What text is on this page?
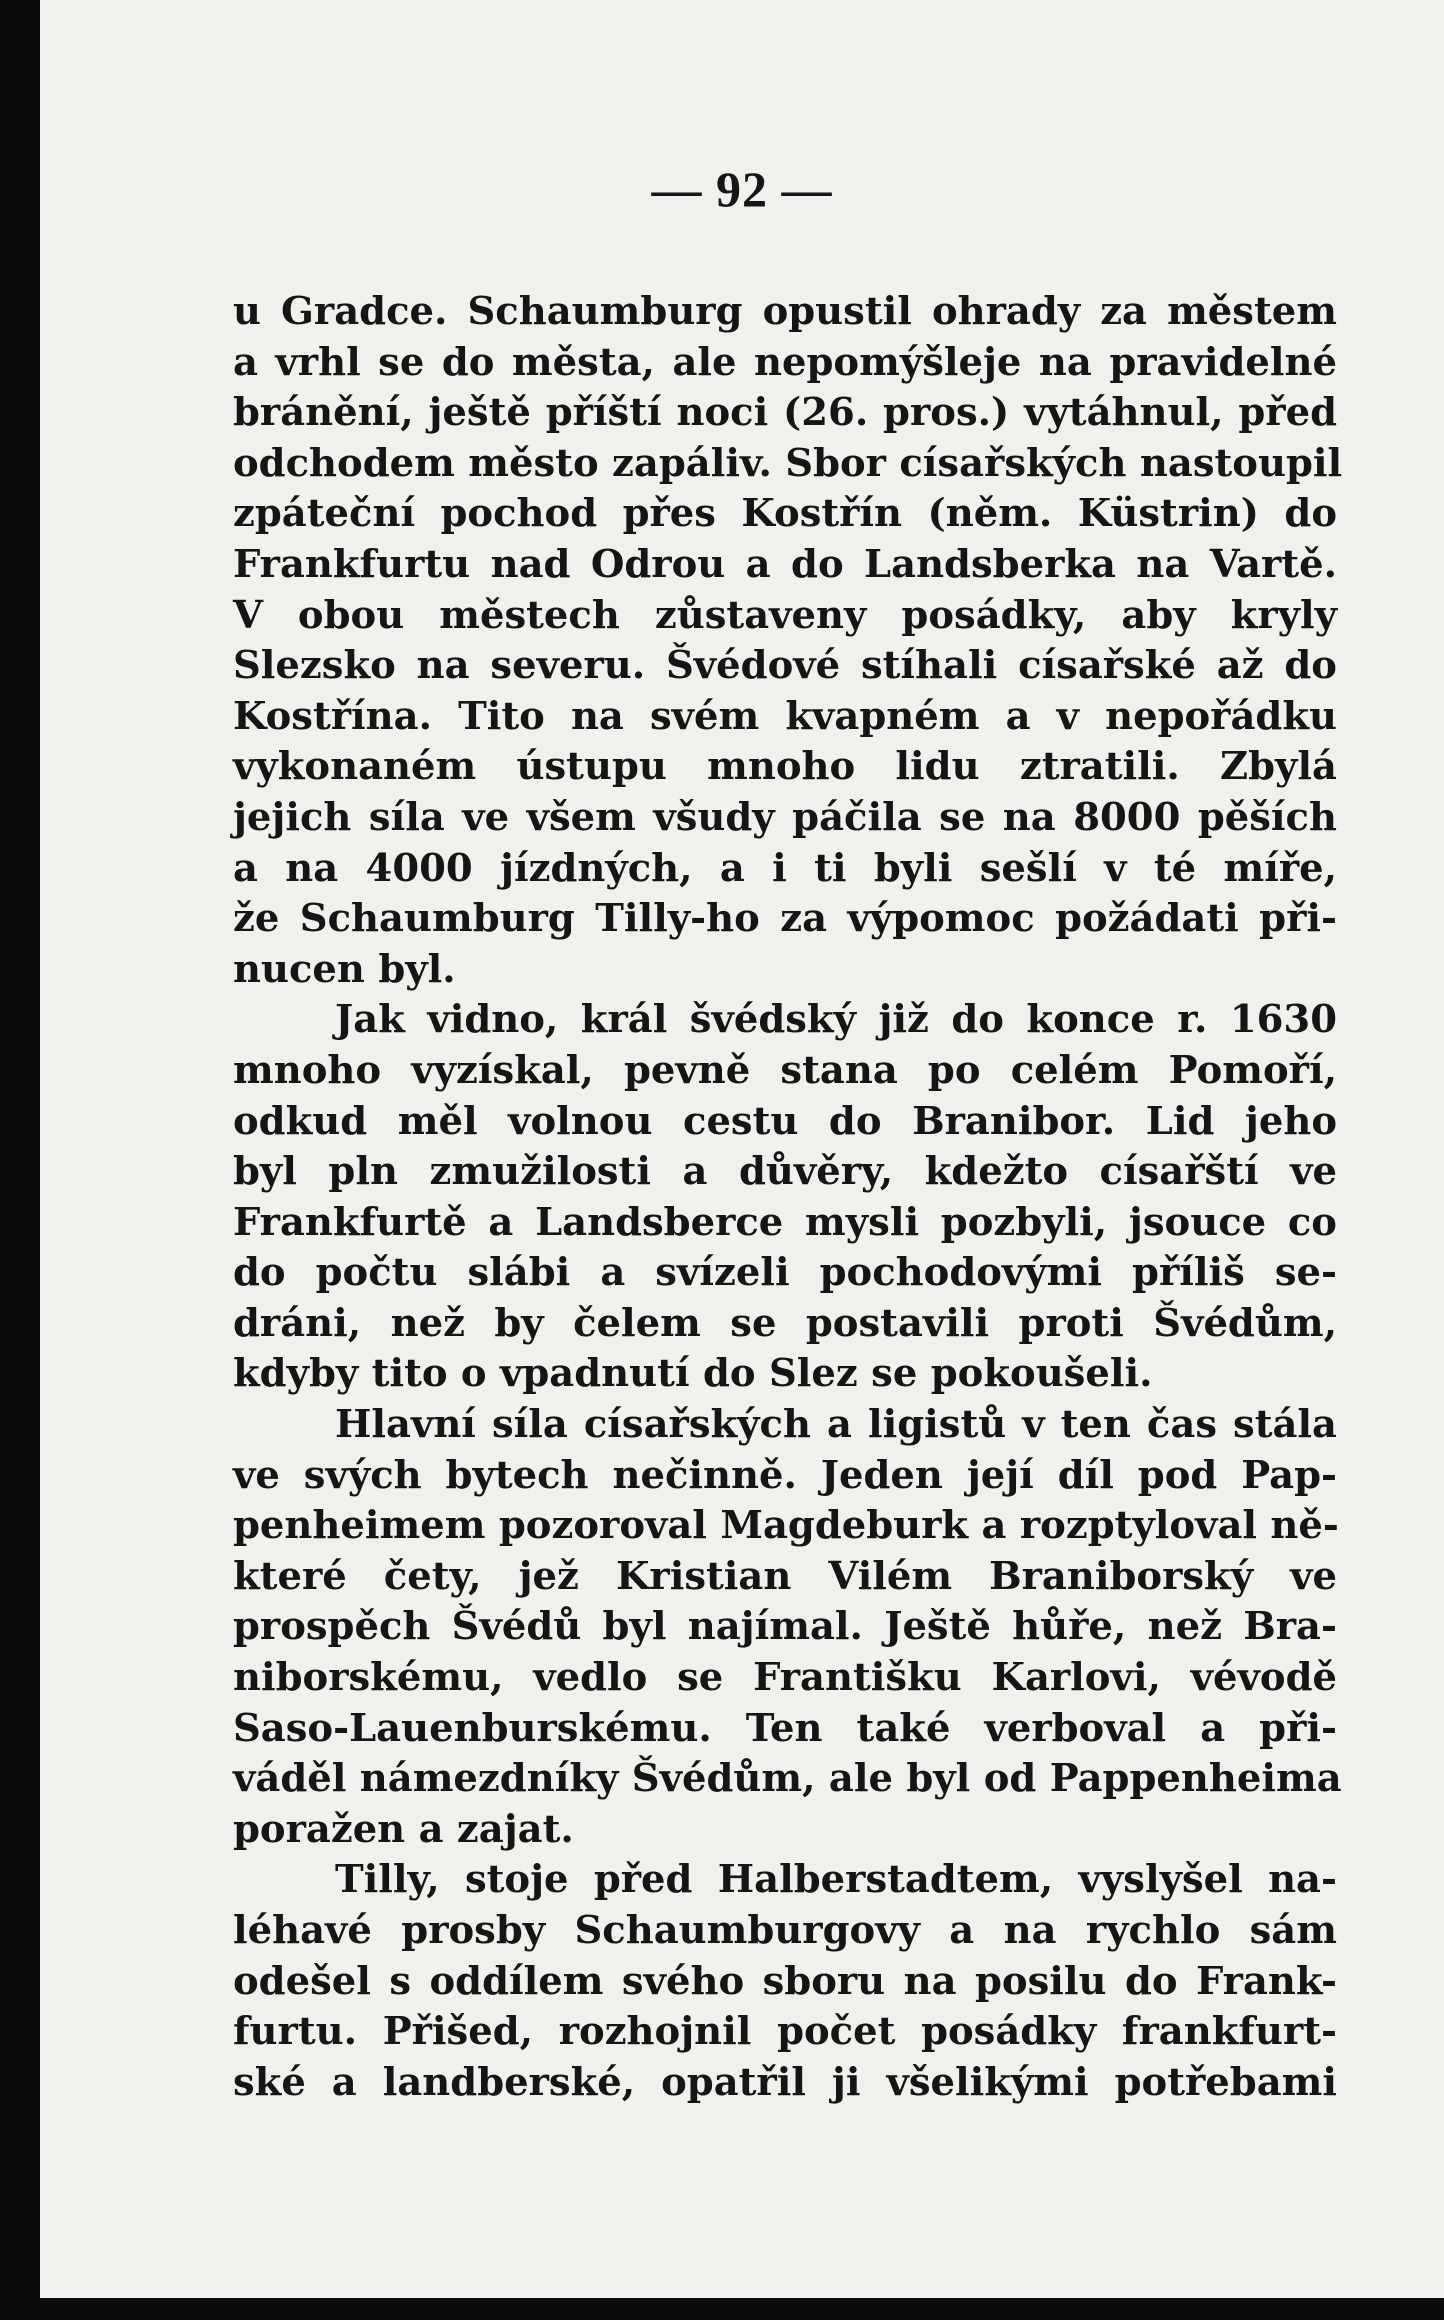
— 92 —
u Gradce. Schaumburg opustil ohrady za městem
a vrhl se do města, ale nepomýšleje na pravidelné
bránění, ještě příští noci (26. pros.) vytáhnul, před
odchodem město zapáliv. Sbor císařských nastoupil
zpáteční pochod přes Kostřín (něm. Küstrin) do
Frankfurtu nad Odrou a do Landsberka na Vartě.
V obou městech zůstaveny posádky, aby kryly
Slezsko na severu. Švédové stíhali císařské až do
Kostřína. Tito na svém kvapném a v nepořádku
vykonaném ústupu mnoho lidu ztratili. Zbylá
jejich síla ve všem všudy páčila se na 8000 pěších
a na 4000 jízdných, a i ti byli sešlí v té míře,
že Schaumburg Tilly-ho za výpomoc požádati při-
nucen byl.
Jak vidno, král švédský již do konce r. 1630
mnoho vyzískal, pevně stana po celém Pomoří,
odkud měl volnou cestu do Branibor. Lid jeho
byl pln zmužilosti a důvěry, kdežto císařští ve
Frankfurtě a Landsberce mysli pozbyli, jsouce co
do počtu slábi a svízeli pochodovými příliš se-
dráni, než by čelem se postavili proti Švédům,
kdyby tito o vpadnutí do Slez se pokoušeli.
Hlavní síla císařských a ligistů v ten čas stála
ve svých bytech nečinně. Jeden její díl pod Pap-
penheimem pozoroval Magdeburk a rozptyloval ně-
které čety, jež Kristian Vilém Braniborský ve
prospěch Švédů byl najímal. Ještě hůře, než Bra-
niborskému, vedlo se Františku Karlovi, vévodě
Saso-Lauenburskému. Ten také verboval a při-
váděl námezdníky Švédům, ale byl od Pappenheima
poražen a zajat.
Tilly, stoje před Halberstadtem, vyslyšel na-
léhavé prosby Schaumburgovy a na rychlo sám
odešel s oddílem svého sboru na posilu do Frank-
furtu. Přišed, rozhojnil počet posádky frankfurt-
ské a landberské, opatřil ji všelikými potřebami
